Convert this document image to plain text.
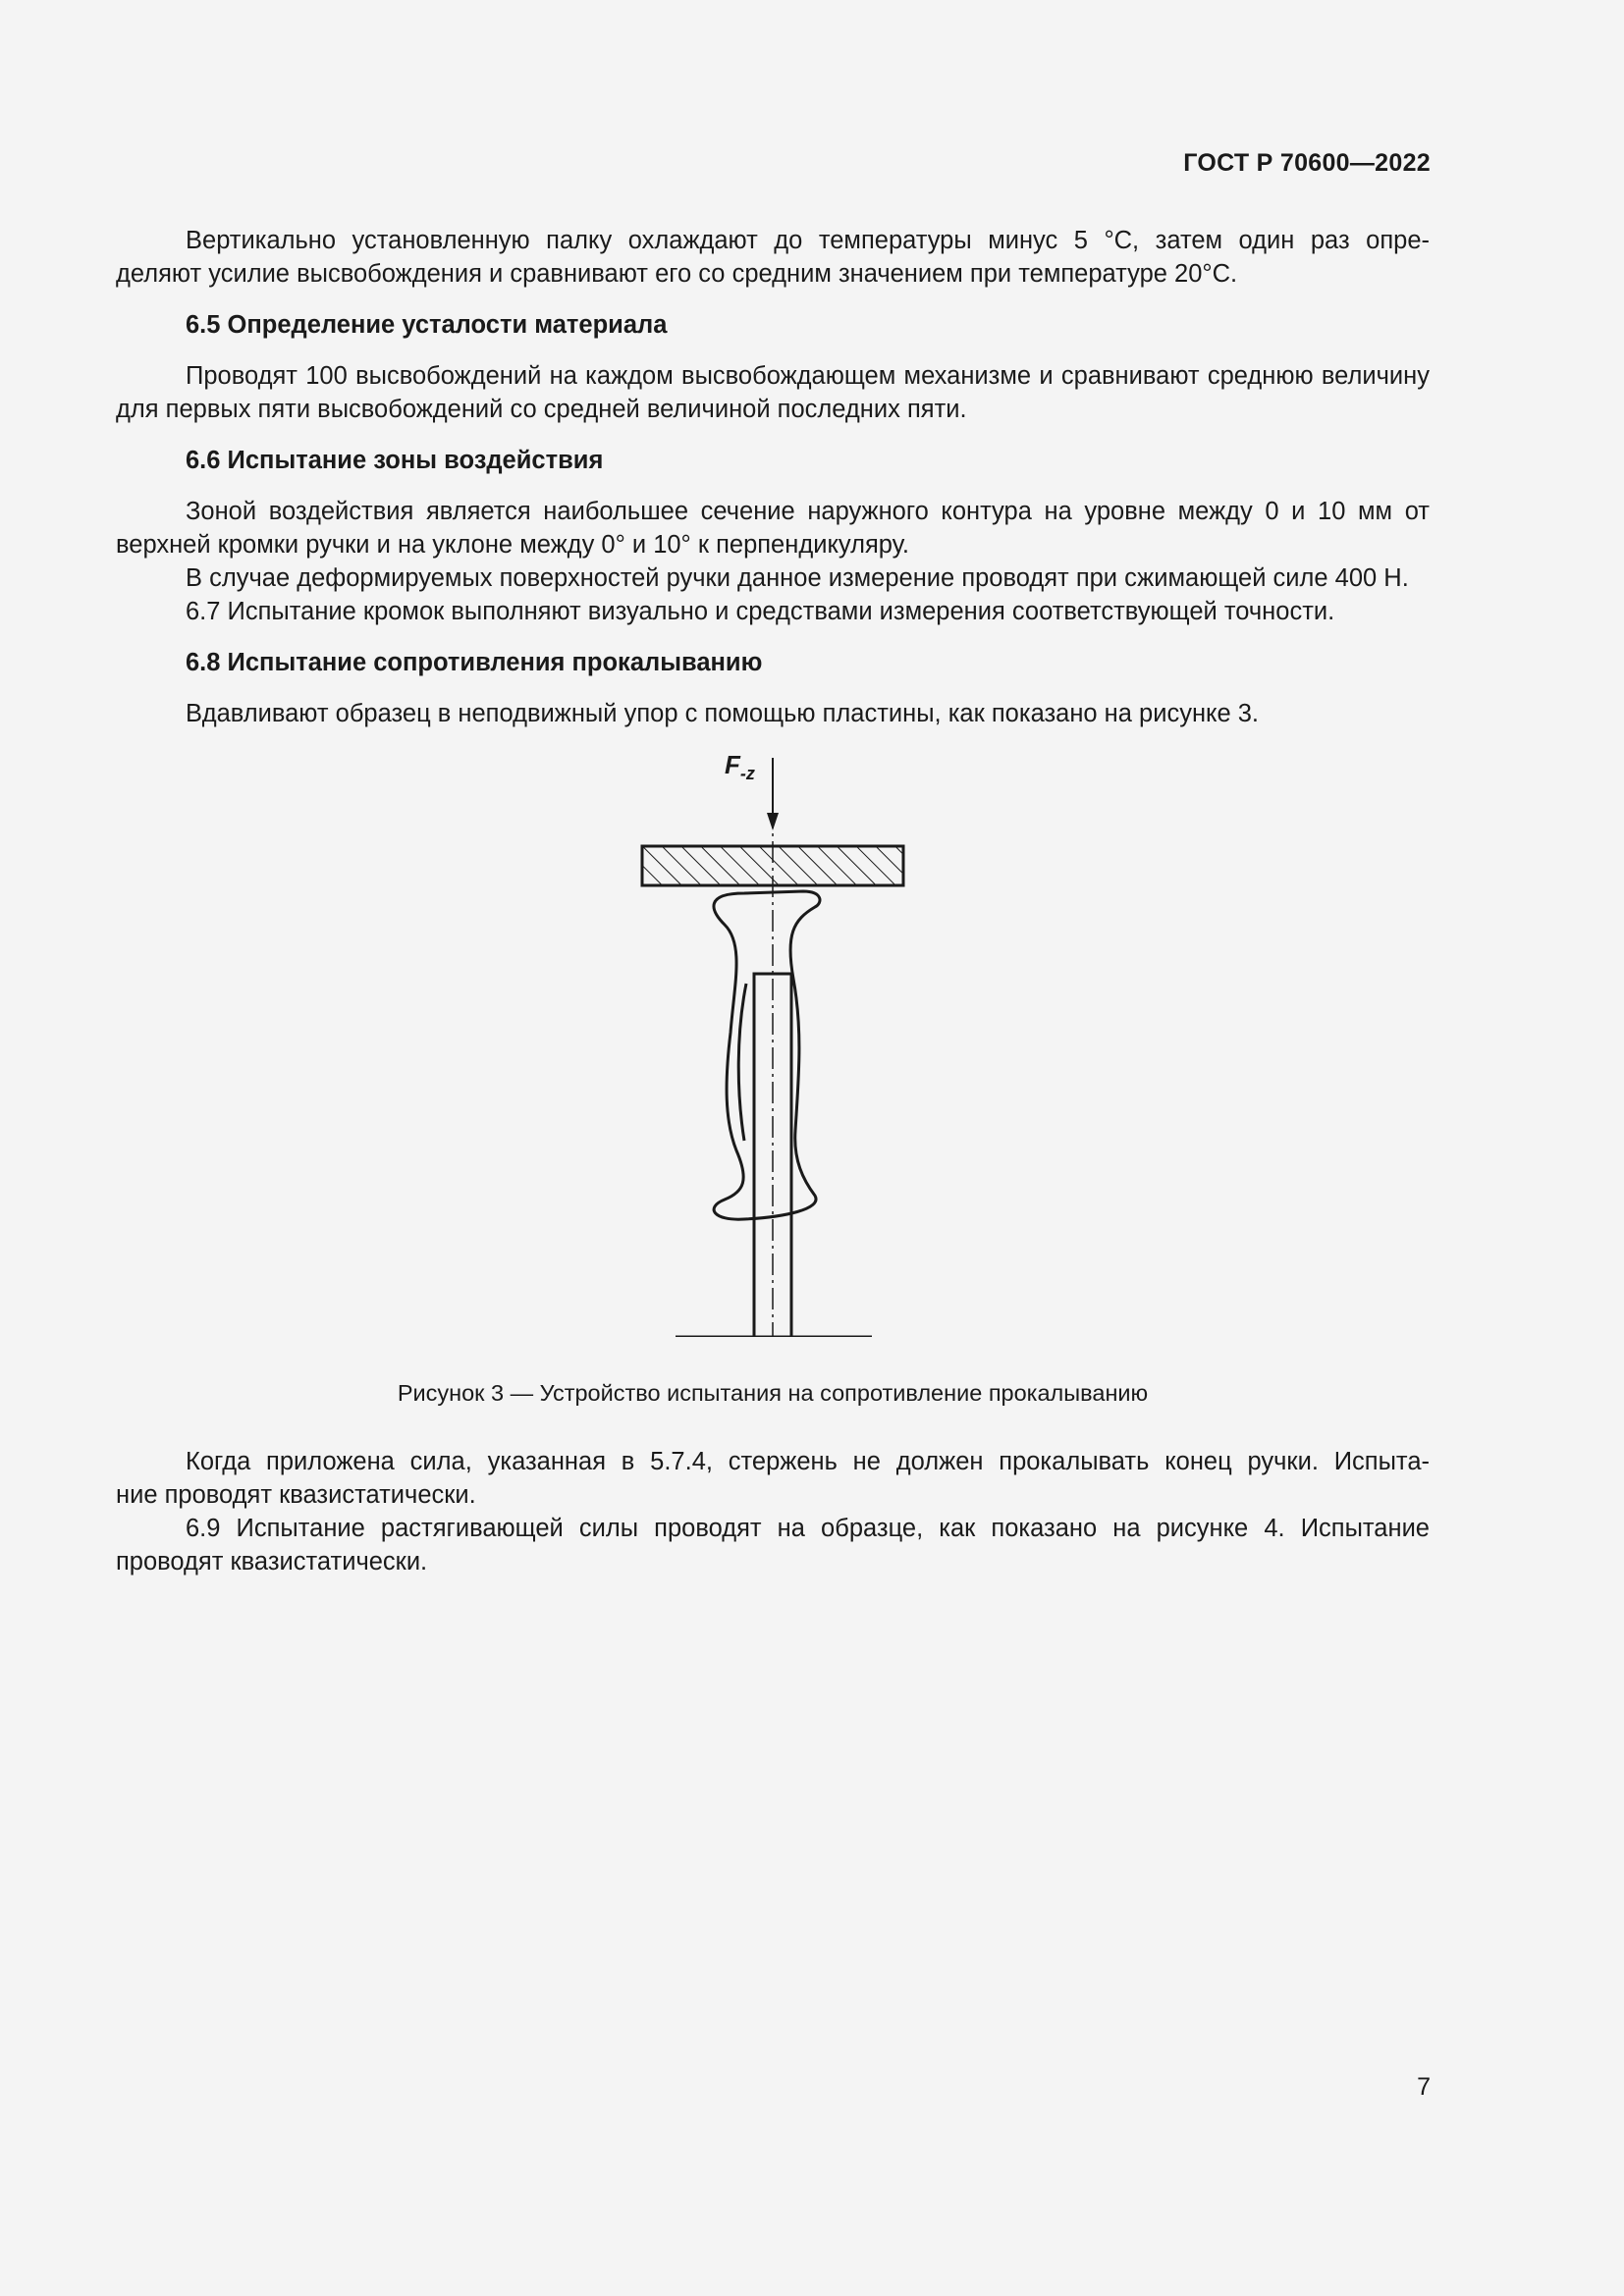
ГОСТ Р 70600—2022

Вертикально установленную палку охлаждают до температуры минус 5 °С, затем один раз опре-

деляют усилие высвобождения и сравнивают его со средним значением при температуре 20°С.

6.5 Определение усталости материала

Проводят 100 высвобождений на каждом высвобождающем механизме и сравнивают среднюю величину для первых пяти высвобождений со средней величиной последних пяти.

6.6 Испытание зоны воздействия

Зоной воздействия является наибольшее сечение наружного контура на уровне между 0 и 10 мм от верхней кромки ручки и на уклоне между 0° и 10° к перпендикуляру.

В случае деформируемых поверхностей ручки данное измерение проводят при сжимающей силе 400 Н.

6.7 Испытание кромок выполняют визуально и средствами измерения соответствующей точности.

6.8 Испытание сопротивления прокалыванию

Вдавливают образец в неподвижный упор с помощью пластины, как показано на рисунке 3.

$F_{-z}$
Рисунок 3 — Устройство испытания на сопротивление прокалыванию

Когда приложена сила, указанная в 5.7.4, стержень не должен прокалывать конец ручки. Испыта-

ние проводят квазистатически.

6.9 Испытание растягивающей силы проводят на образце, как показано на рисунке 4. Испытание проводят квазистатически.

7
